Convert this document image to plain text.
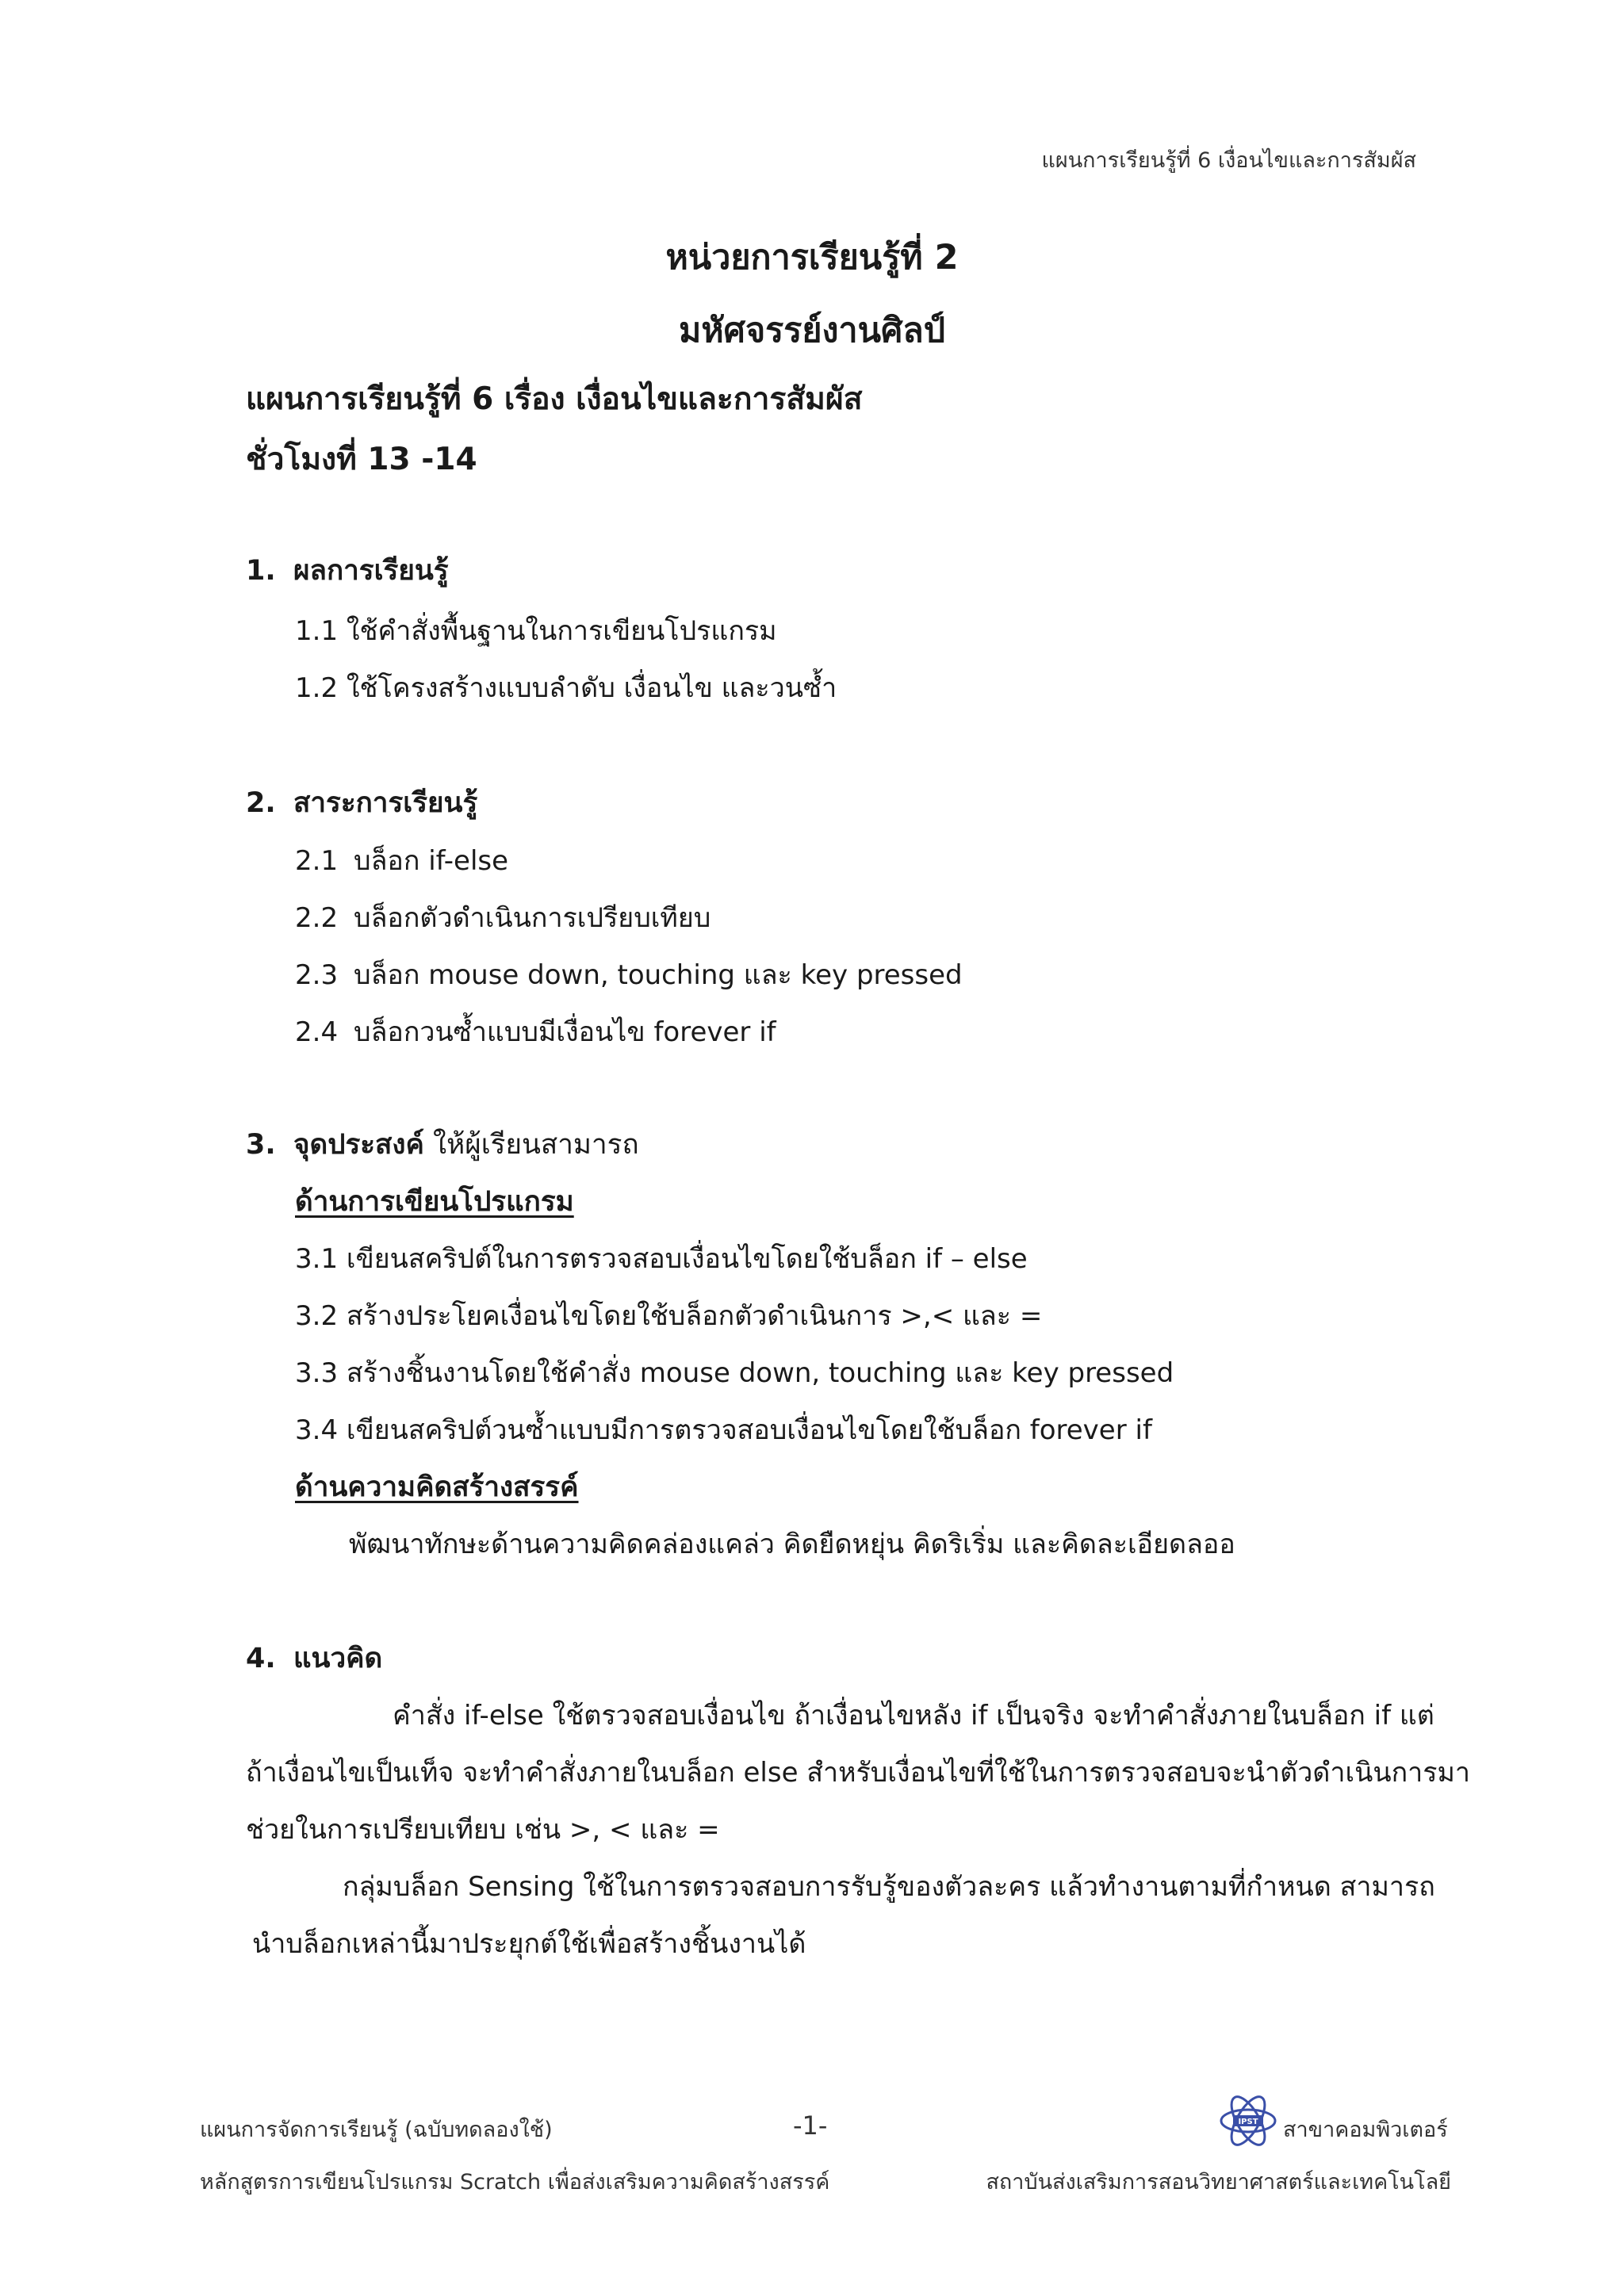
แผนการเรียนรู้ที่ 6 เงื่อนไขและการสัมผัส
หน่วยการเรียนรู้ที่ 2
มหัศจรรย์งานศิลป์
แผนการเรียนรู้ที่ 6 เรื่อง เงื่อนไขและการสัมผัส
ชั่วโมงที่ 13 -14
1. ผลการเรียนรู้
1.1 ใช้คำสั่งพื้นฐานในการเขียนโปรแกรม
1.2 ใช้โครงสร้างแบบลำดับ เงื่อนไข และวนซ้ำ
2. สาระการเรียนรู้
2.1 บล็อก if-else
2.2 บล็อกตัวดำเนินการเปรียบเทียบ
2.3 บล็อก mouse down, touching และ key pressed
2.4 บล็อกวนซ้ำแบบมีเงื่อนไข forever if
3. จุดประสงค์ ให้ผู้เรียนสามารถ
ด้านการเขียนโปรแกรม
3.1 เขียนสคริปต์ในการตรวจสอบเงื่อนไขโดยใช้บล็อก if – else
3.2 สร้างประโยคเงื่อนไขโดยใช้บล็อกตัวดำเนินการ >,< และ =
3.3 สร้างชิ้นงานโดยใช้คำสั่ง mouse down, touching และ key pressed
3.4 เขียนสคริปต์วนซ้ำแบบมีการตรวจสอบเงื่อนไขโดยใช้บล็อก forever if
ด้านความคิดสร้างสรรค์
พัฒนาทักษะด้านความคิดคล่องแคล่ว คิดยืดหยุ่น คิดริเริ่ม และคิดละเอียดลออ
4. แนวคิด
คำสั่ง if-else ใช้ตรวจสอบเงื่อนไข ถ้าเงื่อนไขหลัง if เป็นจริง จะทำคำสั่งภายในบล็อก if แต่
ถ้าเงื่อนไขเป็นเท็จ จะทำคำสั่งภายในบล็อก else สำหรับเงื่อนไขที่ใช้ในการตรวจสอบจะนำตัวดำเนินการมา
ช่วยในการเปรียบเทียบ เช่น >, < และ =
กลุ่มบล็อก Sensing ใช้ในการตรวจสอบการรับรู้ของตัวละคร แล้วทำงานตามที่กำหนด สามารถ
นำบล็อกเหล่านี้มาประยุกต์ใช้เพื่อสร้างชิ้นงานได้
แผนการจัดการเรียนรู้ (ฉบับทดลองใช้)	-1-	IPST สาขาคอมพิวเตอร์
หลักสูตรการเขียนโปรแกรม Scratch เพื่อส่งเสริมความคิดสร้างสรรค์	สถาบันส่งเสริมการสอนวิทยาศาสตร์และเทคโนโลยี
